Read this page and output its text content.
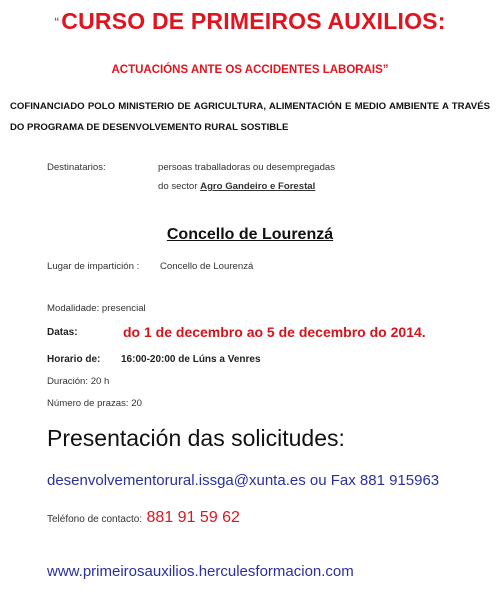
“CURSO DE PRIMEIROS AUXILIOS:
ACTUACIÓNS ANTE OS ACCIDENTES LABORAIS”
COFINANCIADO POLO MINISTERIO DE AGRICULTURA, ALIMENTACIÓN E MEDIO AMBIENTE A TRAVÉS DO PROGRAMA DE DESENVOLVEMENTO RURAL SOSTIBLE
Destinatarios:	persoas traballadoras ou desempregadas
do sector Agro Gandeiro e Forestal
Concello de Lourenzá
Lugar de impartición : Concello de Lourenzá
Modalidade: presencial
Datas:	do 1 de decembro ao 5 de decembro do 2014.
Horario de: 16:00-20:00 de Lúns a Venres
Duración: 20 h
Número de prazas: 20
Presentación das solicitudes:
desenvolvementorural.issga@xunta.es ou Fax 881 915963
Teléfono de contacto: 881 91 59 62
www.primeirosauxilios.herculesformacion.com
